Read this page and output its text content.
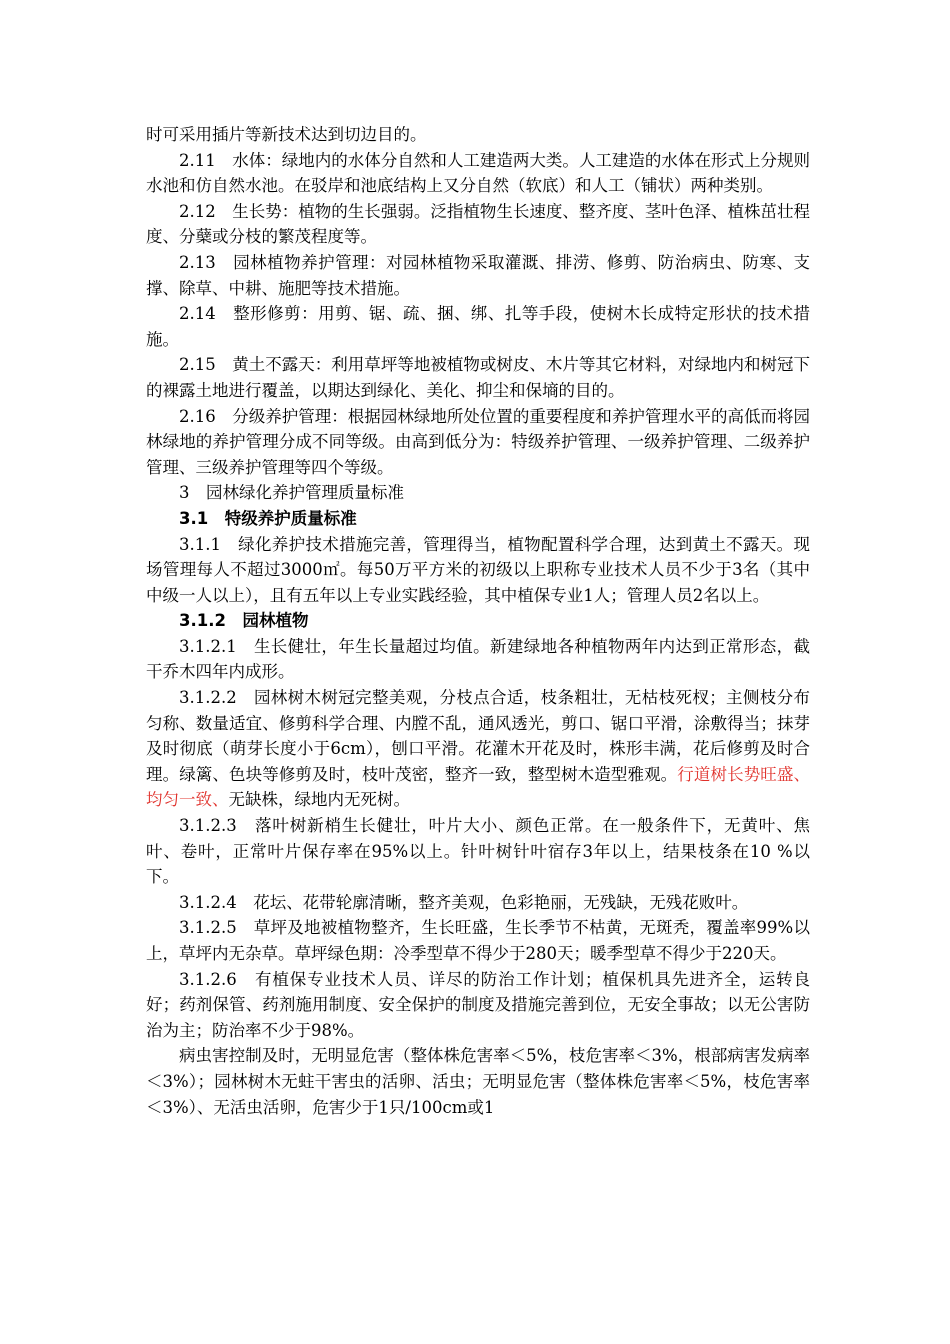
时可采用插片等新技术达到切边目的。

2.11　水体：绿地内的水体分自然和人工建造两大类。人工建造的水体在形式上分规则水池和仿自然水池。在驳岸和池底结构上又分自然（软底）和人工（铺状）两种类别。

2.12　生长势：植物的生长强弱。泛指植物生长速度、整齐度、茎叶色泽、植株茁壮程度、分蘖或分枝的繁茂程度等。

2.13　园林植物养护管理：对园林植物采取灌溉、排涝、修剪、防治病虫、防寒、支撑、除草、中耕、施肥等技术措施。

2.14　整形修剪：用剪、锯、疏、捆、绑、扎等手段，使树木长成特定形状的技术措施。

2.15　黄土不露天：利用草坪等地被植物或树皮、木片等其它材料，对绿地内和树冠下的裸露土地进行覆盖，以期达到绿化、美化、抑尘和保墒的目的。

2.16　分级养护管理：根据园林绿地所处位置的重要程度和养护管理水平的高低而将园林绿地的养护管理分成不同等级。由高到低分为：特级养护管理、一级养护管理、二级养护管理、三级养护管理等四个等级。

3　园林绿化养护管理质量标准

3.1　特级养护质量标准

3.1.1　绿化养护技术措施完善，管理得当，植物配置科学合理，达到黄土不露天。现场管理每人不超过3000㎡。每50万平方米的初级以上职称专业技术人员不少于3名（其中中级一人以上），且有五年以上专业实践经验，其中植保专业1人；管理人员2名以上。

3.1.2　园林植物

3.1.2.1　生长健壮，年生长量超过均值。新建绿地各种植物两年内达到正常形态，截干乔木四年内成形。

3.1.2.2　园林树木树冠完整美观，分枝点合适，枝条粗壮，无枯枝死杈；主侧枝分布匀称、数量适宜、修剪科学合理、内膛不乱，通风透光，剪口、锯口平滑，涂敷得当；抹芽及时彻底（萌芽长度小于6cm），刨口平滑。花灌木开花及时，株形丰满，花后修剪及时合理。绿篱、色块等修剪及时，枝叶茂密，整齐一致，整型树木造型雅观。行道树长势旺盛、均匀一致、无缺株，绿地内无死树。

3.1.2.3　落叶树新梢生长健壮，叶片大小、颜色正常。在一般条件下，无黄叶、焦叶、卷叶，正常叶片保存率在95%以上。针叶树针叶宿存3年以上，结果枝条在10 %以下。

3.1.2.4　花坛、花带轮廓清晰，整齐美观，色彩艳丽，无残缺，无残花败叶。

3.1.2.5　草坪及地被植物整齐，生长旺盛，生长季节不枯黄，无斑秃，覆盖率99%以上，草坪内无杂草。草坪绿色期：冷季型草不得少于280天；暖季型草不得少于220天。

3.1.2.6　有植保专业技术人员、详尽的防治工作计划；植保机具先进齐全，运转良好；药剂保管、药剂施用制度、安全保护的制度及措施完善到位，无安全事故；以无公害防治为主；防治率不少于98%。

病虫害控制及时，无明显危害（整体株危害率＜5%，枝危害率＜3%，根部病害发病率＜3%）；园林树木无蛀干害虫的活卵、活虫；无明显危害（整体株危害率＜5%，枝危害率＜3%）、无活虫活卵，危害少于1只/100cm或1
